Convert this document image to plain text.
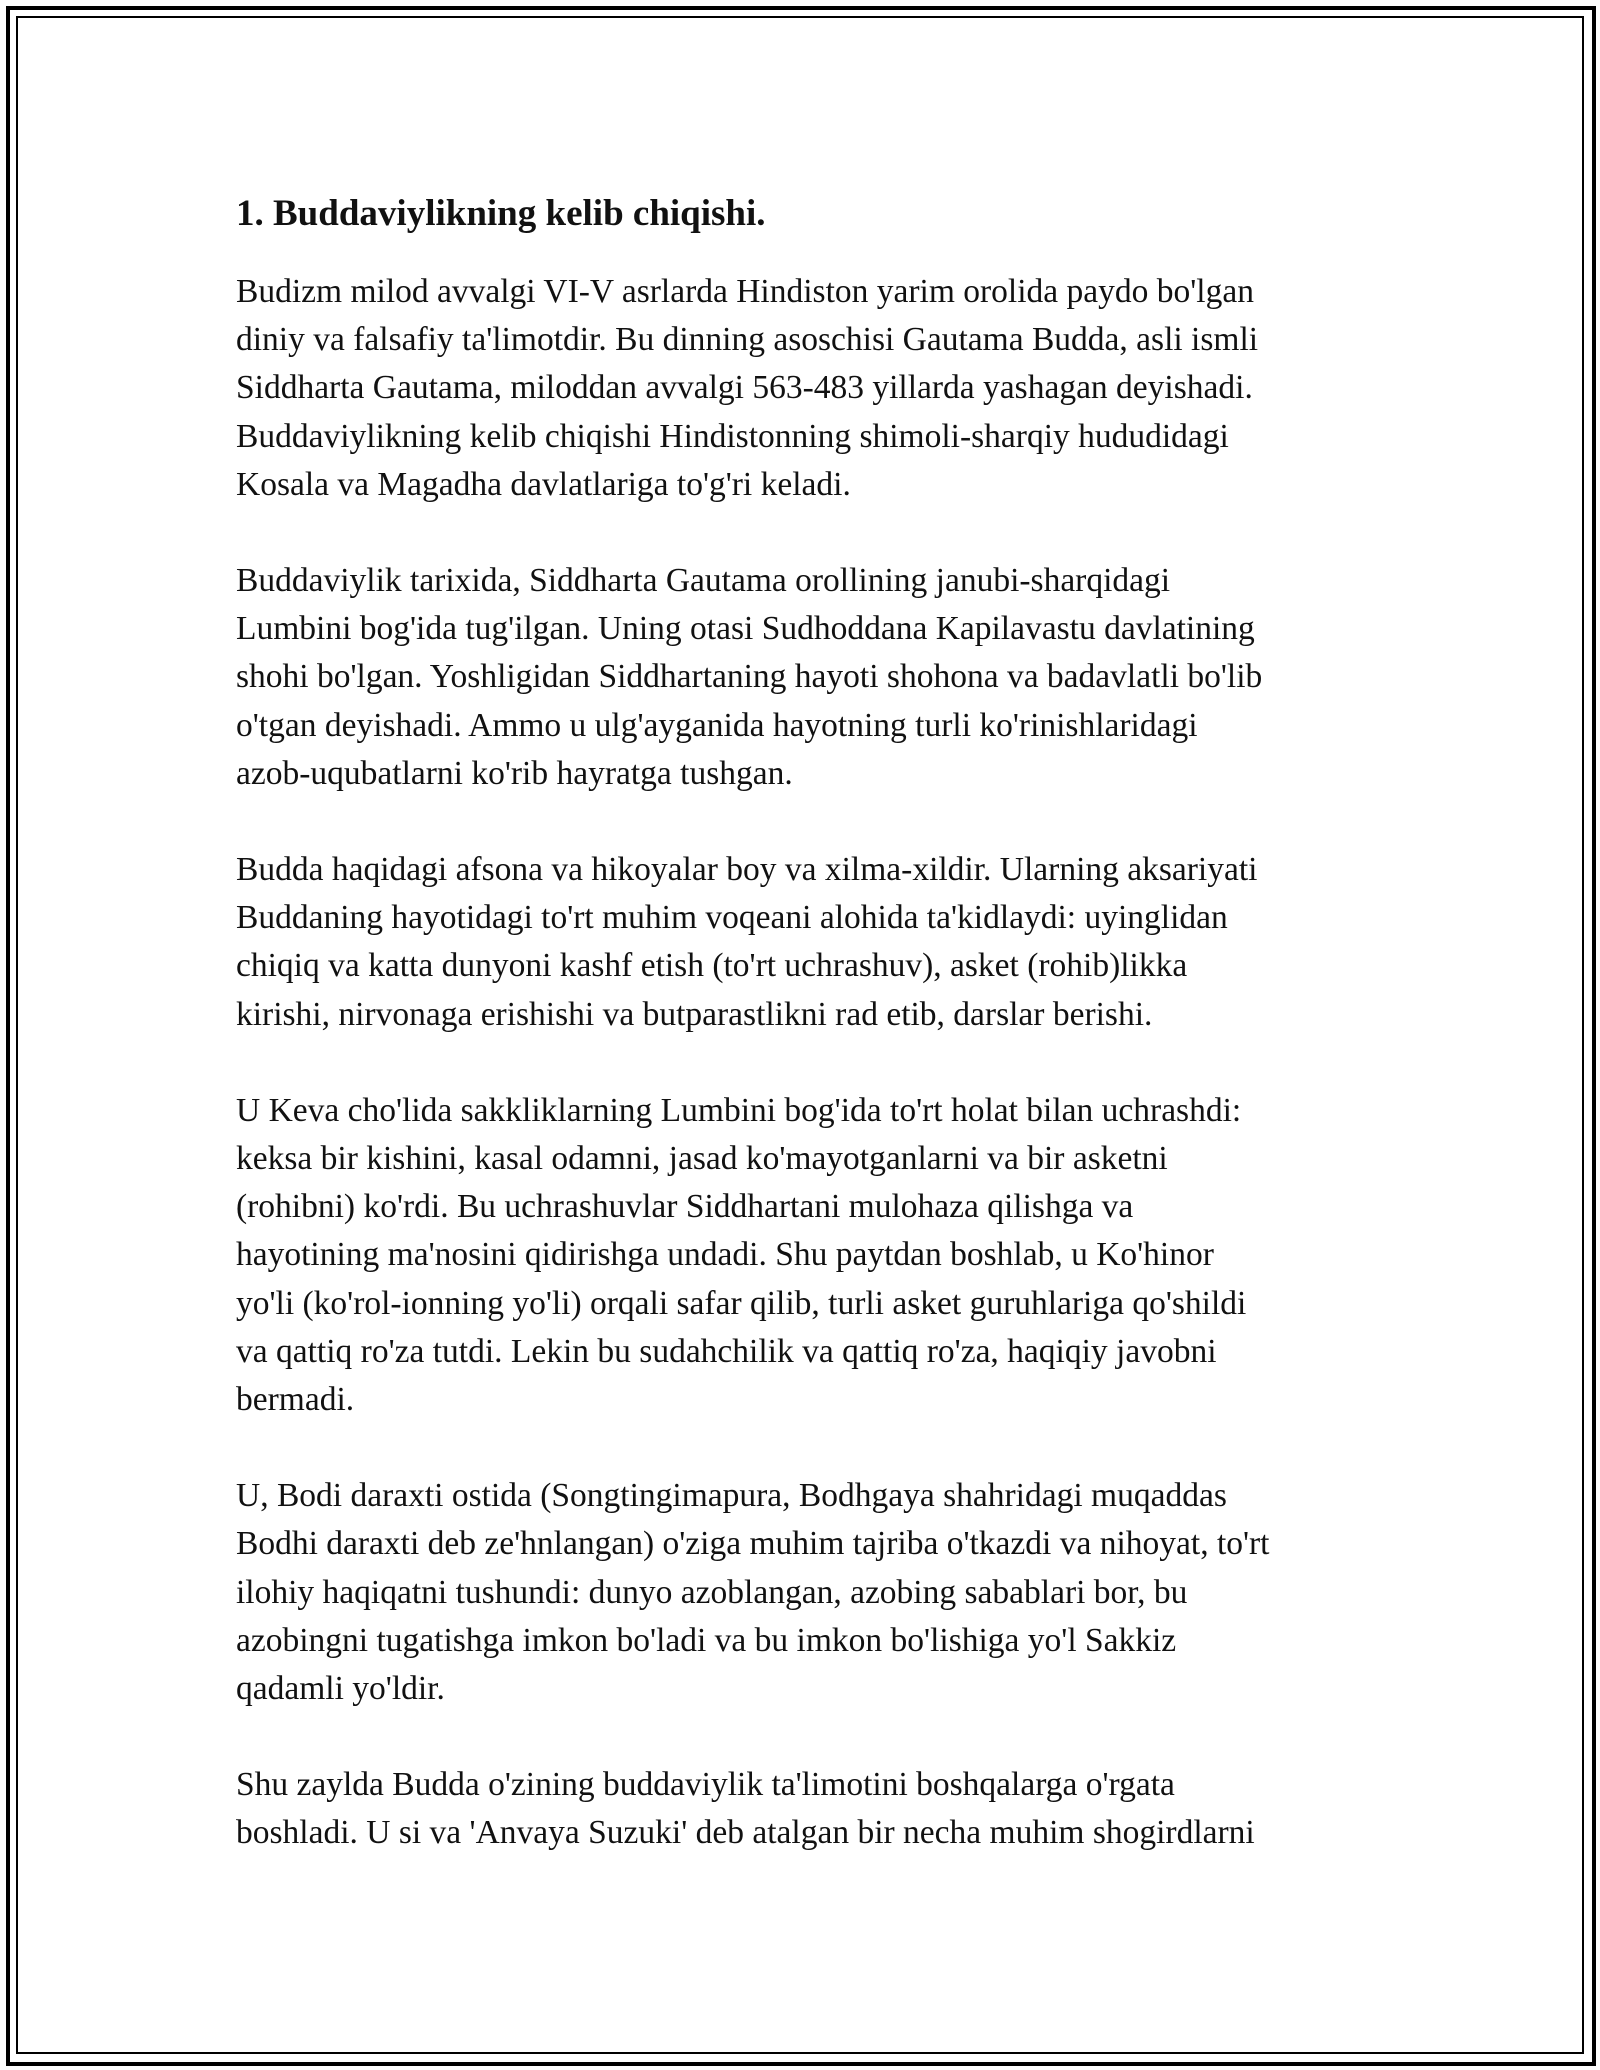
1. Buddaviylikning kelib chiqishi.

Budizm milod avvalgi VI-V asrlarda Hindiston yarim orolida paydo bo'lgan
diniy va falsafiy ta'limotdir. Bu dinning asoschisi Gautama Budda, asli ismli
Siddharta Gautama, miloddan avvalgi 563-483 yillarda yashagan deyishadi.
Buddaviylikning kelib chiqishi Hindistonning shimoli-sharqiy hududidagi
Kosala va Magadha davlatlariga to'g'ri keladi.

Buddaviylik tarixida, Siddharta Gautama orollining janubi-sharqidagi
Lumbini bog'ida tug'ilgan. Uning otasi Sudhoddana Kapilavastu davlatining
shohi bo'lgan. Yoshligidan Siddhartaning hayoti shohona va badavlatli bo'lib
o'tgan deyishadi. Ammo u ulg'ayganida hayotning turli ko'rinishlaridagi
azob-uqubatlarni ko'rib hayratga tushgan.

Budda haqidagi afsona va hikoyalar boy va xilma-xildir. Ularning aksariyati
Buddaning hayotidagi to'rt muhim voqeani alohida ta'kidlaydi: uyinglidan
chiqiq va katta dunyoni kashf etish (to'rt uchrashuv), asket (rohib)likka
kirishi, nirvonaga erishishi va butparastlikni rad etib, darslar berishi.

U Keva cho'lida sakkliklarning Lumbini bog'ida to'rt holat bilan uchrashdi:
keksa bir kishini, kasal odamni, jasad ko'mayotganlarni va bir asketni
(rohibni) ko'rdi. Bu uchrashuvlar Siddhartani mulohaza qilishga va
hayotining ma'nosini qidirishga undadi. Shu paytdan boshlab, u Ko'hinor
yo'li (ko'rol-ionning yo'li) orqali safar qilib, turli asket guruhlariga qo'shildi
va qattiq ro'za tutdi. Lekin bu sudahchilik va qattiq ro'za, haqiqiy javobni
bermadi.

U, Bodi daraxti ostida (Songtingimapura, Bodhgaya shahridagi muqaddas
Bodhi daraxti deb ze'hnlangan) o'ziga muhim tajriba o'tkazdi va nihoyat, to'rt
ilohiy haqiqatni tushundi: dunyo azoblangan, azobing sabablari bor, bu
azobingni tugatishga imkon bo'ladi va bu imkon bo'lishiga yo'l Sakkiz
qadamli yo'ldir.

Shu zaylda Budda o'zining buddaviylik ta'limotini boshqalarga o'rgata
boshladi. U si va 'Anvaya Suzuki' deb atalgan bir necha muhim shogirdlarni
